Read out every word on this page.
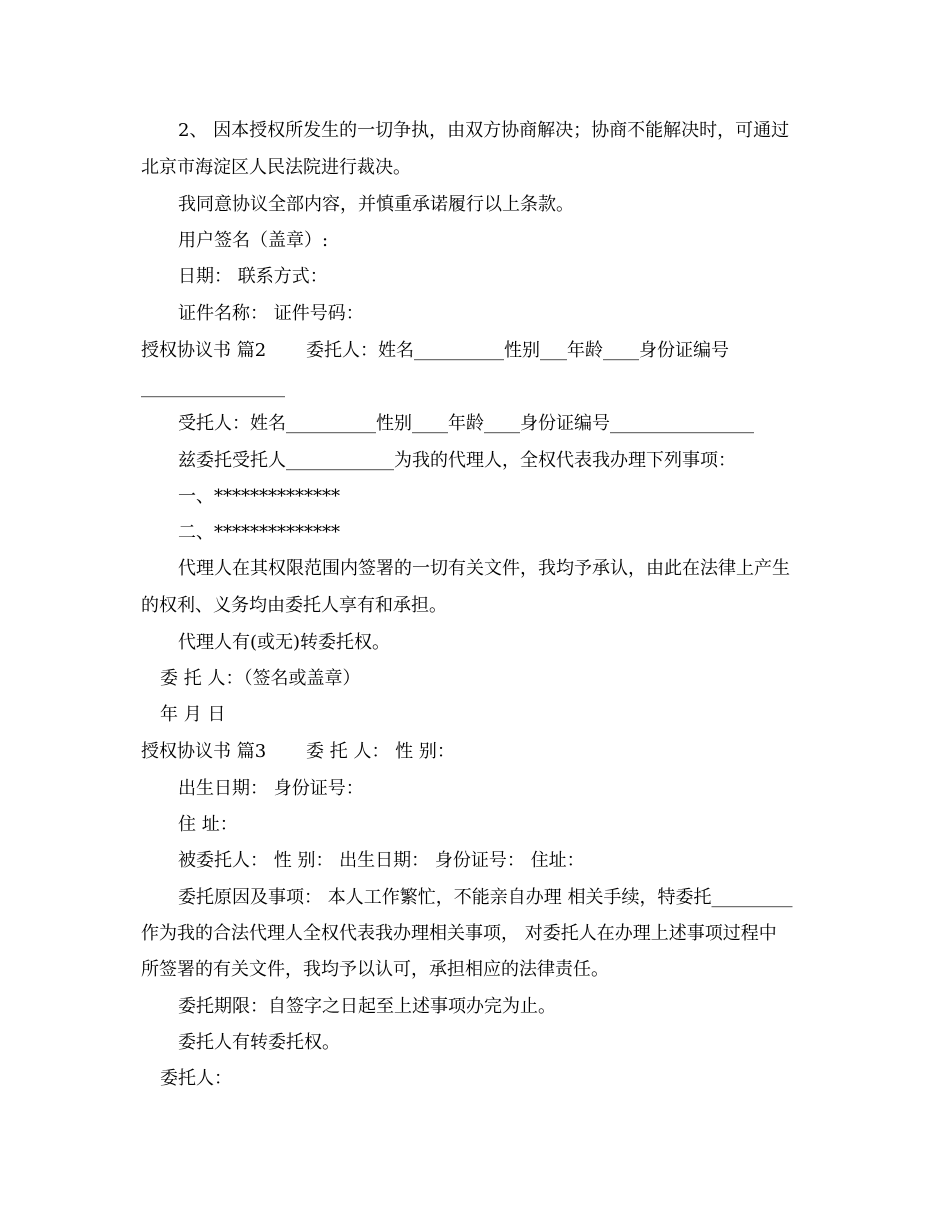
2、 因本授权所发生的一切争执，由双方协商解决；协商不能解决时，可通过

北京市海淀区人民法院进行裁决。

我同意协议全部内容，并慎重承诺履行以上条款。

用户签名（盖章）:

日期： 联系方式：

证件名称： 证件号码：

授权协议书 篇2 委托人：姓名__________性别___年龄____身份证编号

________________

受托人：姓名__________性别____年龄____身份证编号________________

兹委托受托人____________为我的代理人，全权代表我办理下列事项：

一、**************

二、**************

代理人在其权限范围内签署的一切有关文件，我均予承认，由此在法律上产生

的权利、义务均由委托人享有和承担。

代理人有(或无)转委托权。

委 托 人：（签名或盖章）

年 月 日

授权协议书 篇3 委 托 人： 性 别：

出生日期： 身份证号：

住 址：

被委托人： 性 别： 出生日期： 身份证号： 住址：

委托原因及事项： 本人工作繁忙，不能亲自办理 相关手续，特委托_________

作为我的合法代理人全权代表我办理相关事项， 对委托人在办理上述事项过程中

所签署的有关文件，我均予以认可，承担相应的法律责任。

委托期限：自签字之日起至上述事项办完为止。

委托人有转委托权。

委托人：
